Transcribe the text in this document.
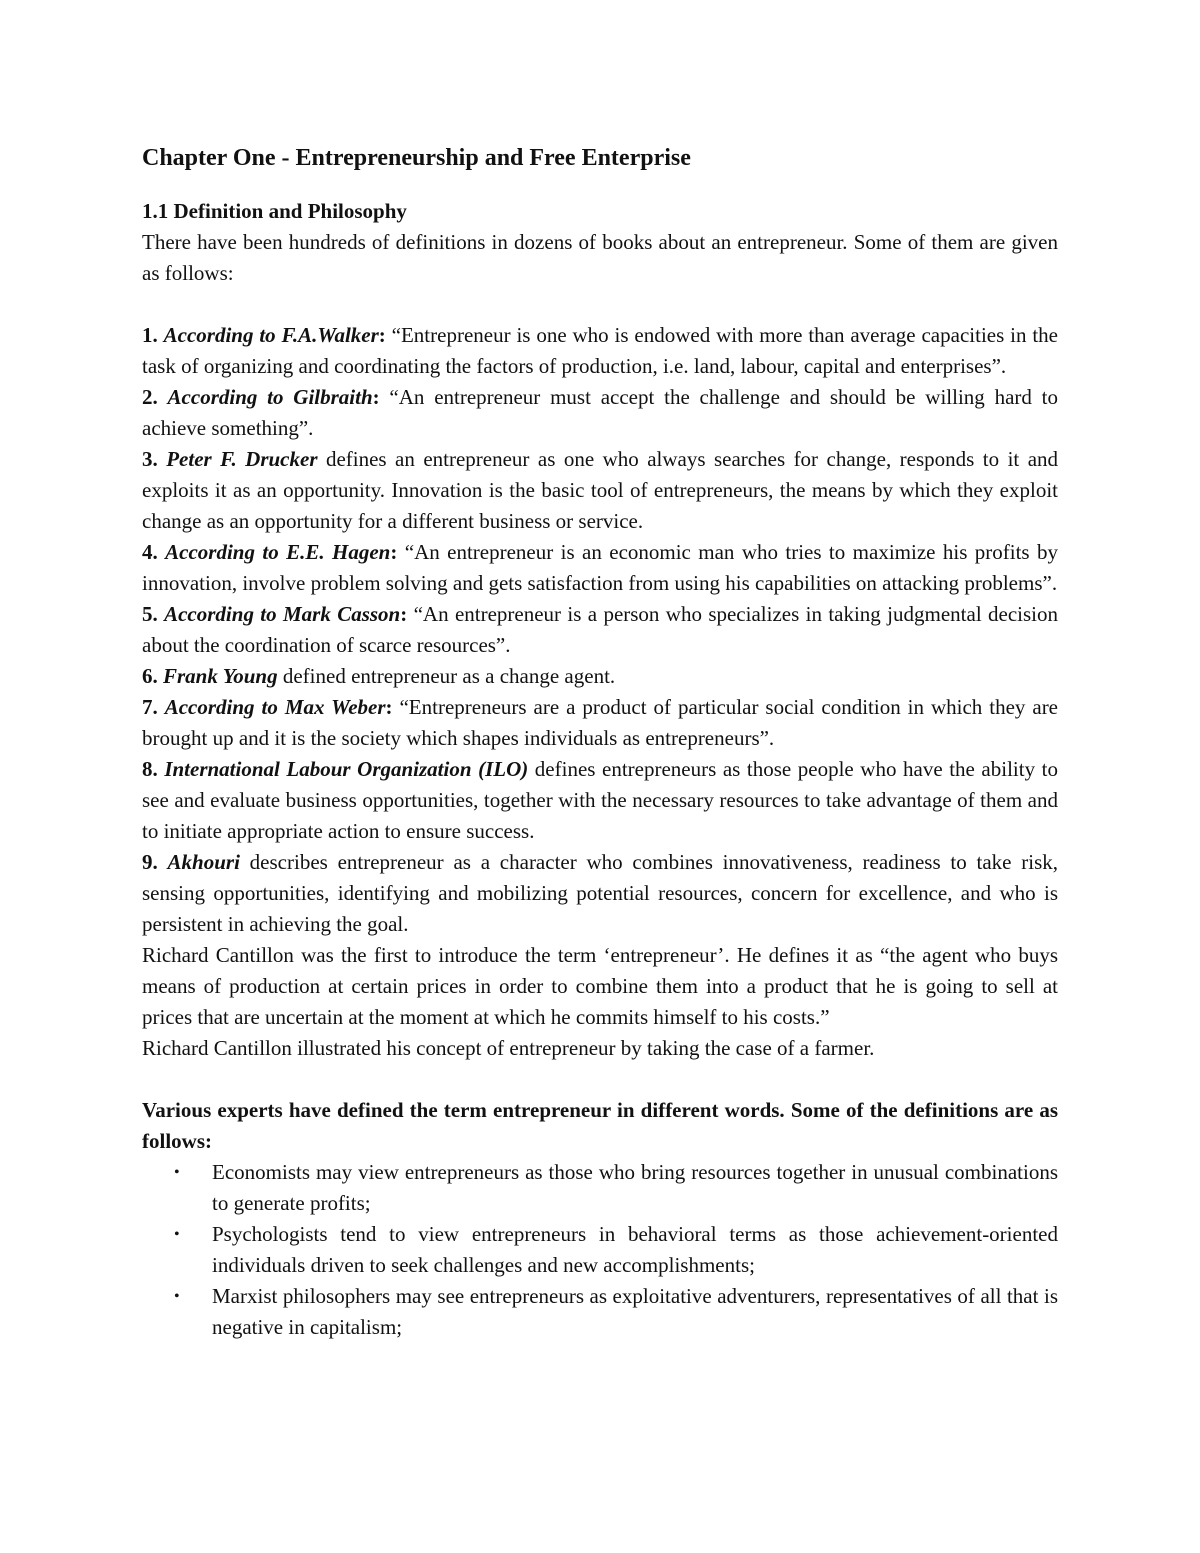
Chapter One - Entrepreneurship and Free Enterprise
1.1 Definition and Philosophy

There have been hundreds of definitions in dozens of books about an entrepreneur. Some of them are given as follows:

1. According to F.A.Walker: “Entrepreneur is one who is endowed with more than average capacities in the task of organizing and coordinating the factors of production, i.e. land, labour, capital and enterprises”.

2. According to Gilbraith: “An entrepreneur must accept the challenge and should be willing hard to achieve something”.

3. Peter F. Drucker defines an entrepreneur as one who always searches for change, responds to it and exploits it as an opportunity. Innovation is the basic tool of entrepreneurs, the means by which they exploit change as an opportunity for a different business or service.

4. According to E.E. Hagen: “An entrepreneur is an economic man who tries to maximize his profits by innovation, involve problem solving and gets satisfaction from using his capabilities on attacking problems”.

5. According to Mark Casson: “An entrepreneur is a person who specializes in taking judgmental decision about the coordination of scarce resources”.

6. Frank Young defined entrepreneur as a change agent.

7. According to Max Weber: “Entrepreneurs are a product of particular social condition in which they are brought up and it is the society which shapes individuals as entrepreneurs”.

8. International Labour Organization (ILO) defines entrepreneurs as those people who have the ability to see and evaluate business opportunities, together with the necessary resources to take advantage of them and to initiate appropriate action to ensure success.

9. Akhouri describes entrepreneur as a character who combines innovativeness, readiness to take risk, sensing opportunities, identifying and mobilizing potential resources, concern for excellence, and who is persistent in achieving the goal.

Richard Cantillon was the first to introduce the term ‘entrepreneur’. He defines it as “the agent who buys means of production at certain prices in order to combine them into a product that he is going to sell at prices that are uncertain at the moment at which he commits himself to his costs.”

Richard Cantillon illustrated his concept of entrepreneur by taking the case of a farmer.

Various experts have defined the term entrepreneur in different words. Some of the definitions are as follows:

• Economists may view entrepreneurs as those who bring resources together in unusual combinations to generate profits;
• Psychologists tend to view entrepreneurs in behavioral terms as those achievement-oriented individuals driven to seek challenges and new accomplishments;
• Marxist philosophers may see entrepreneurs as exploitative adventurers, representatives of all that is negative in capitalism;
